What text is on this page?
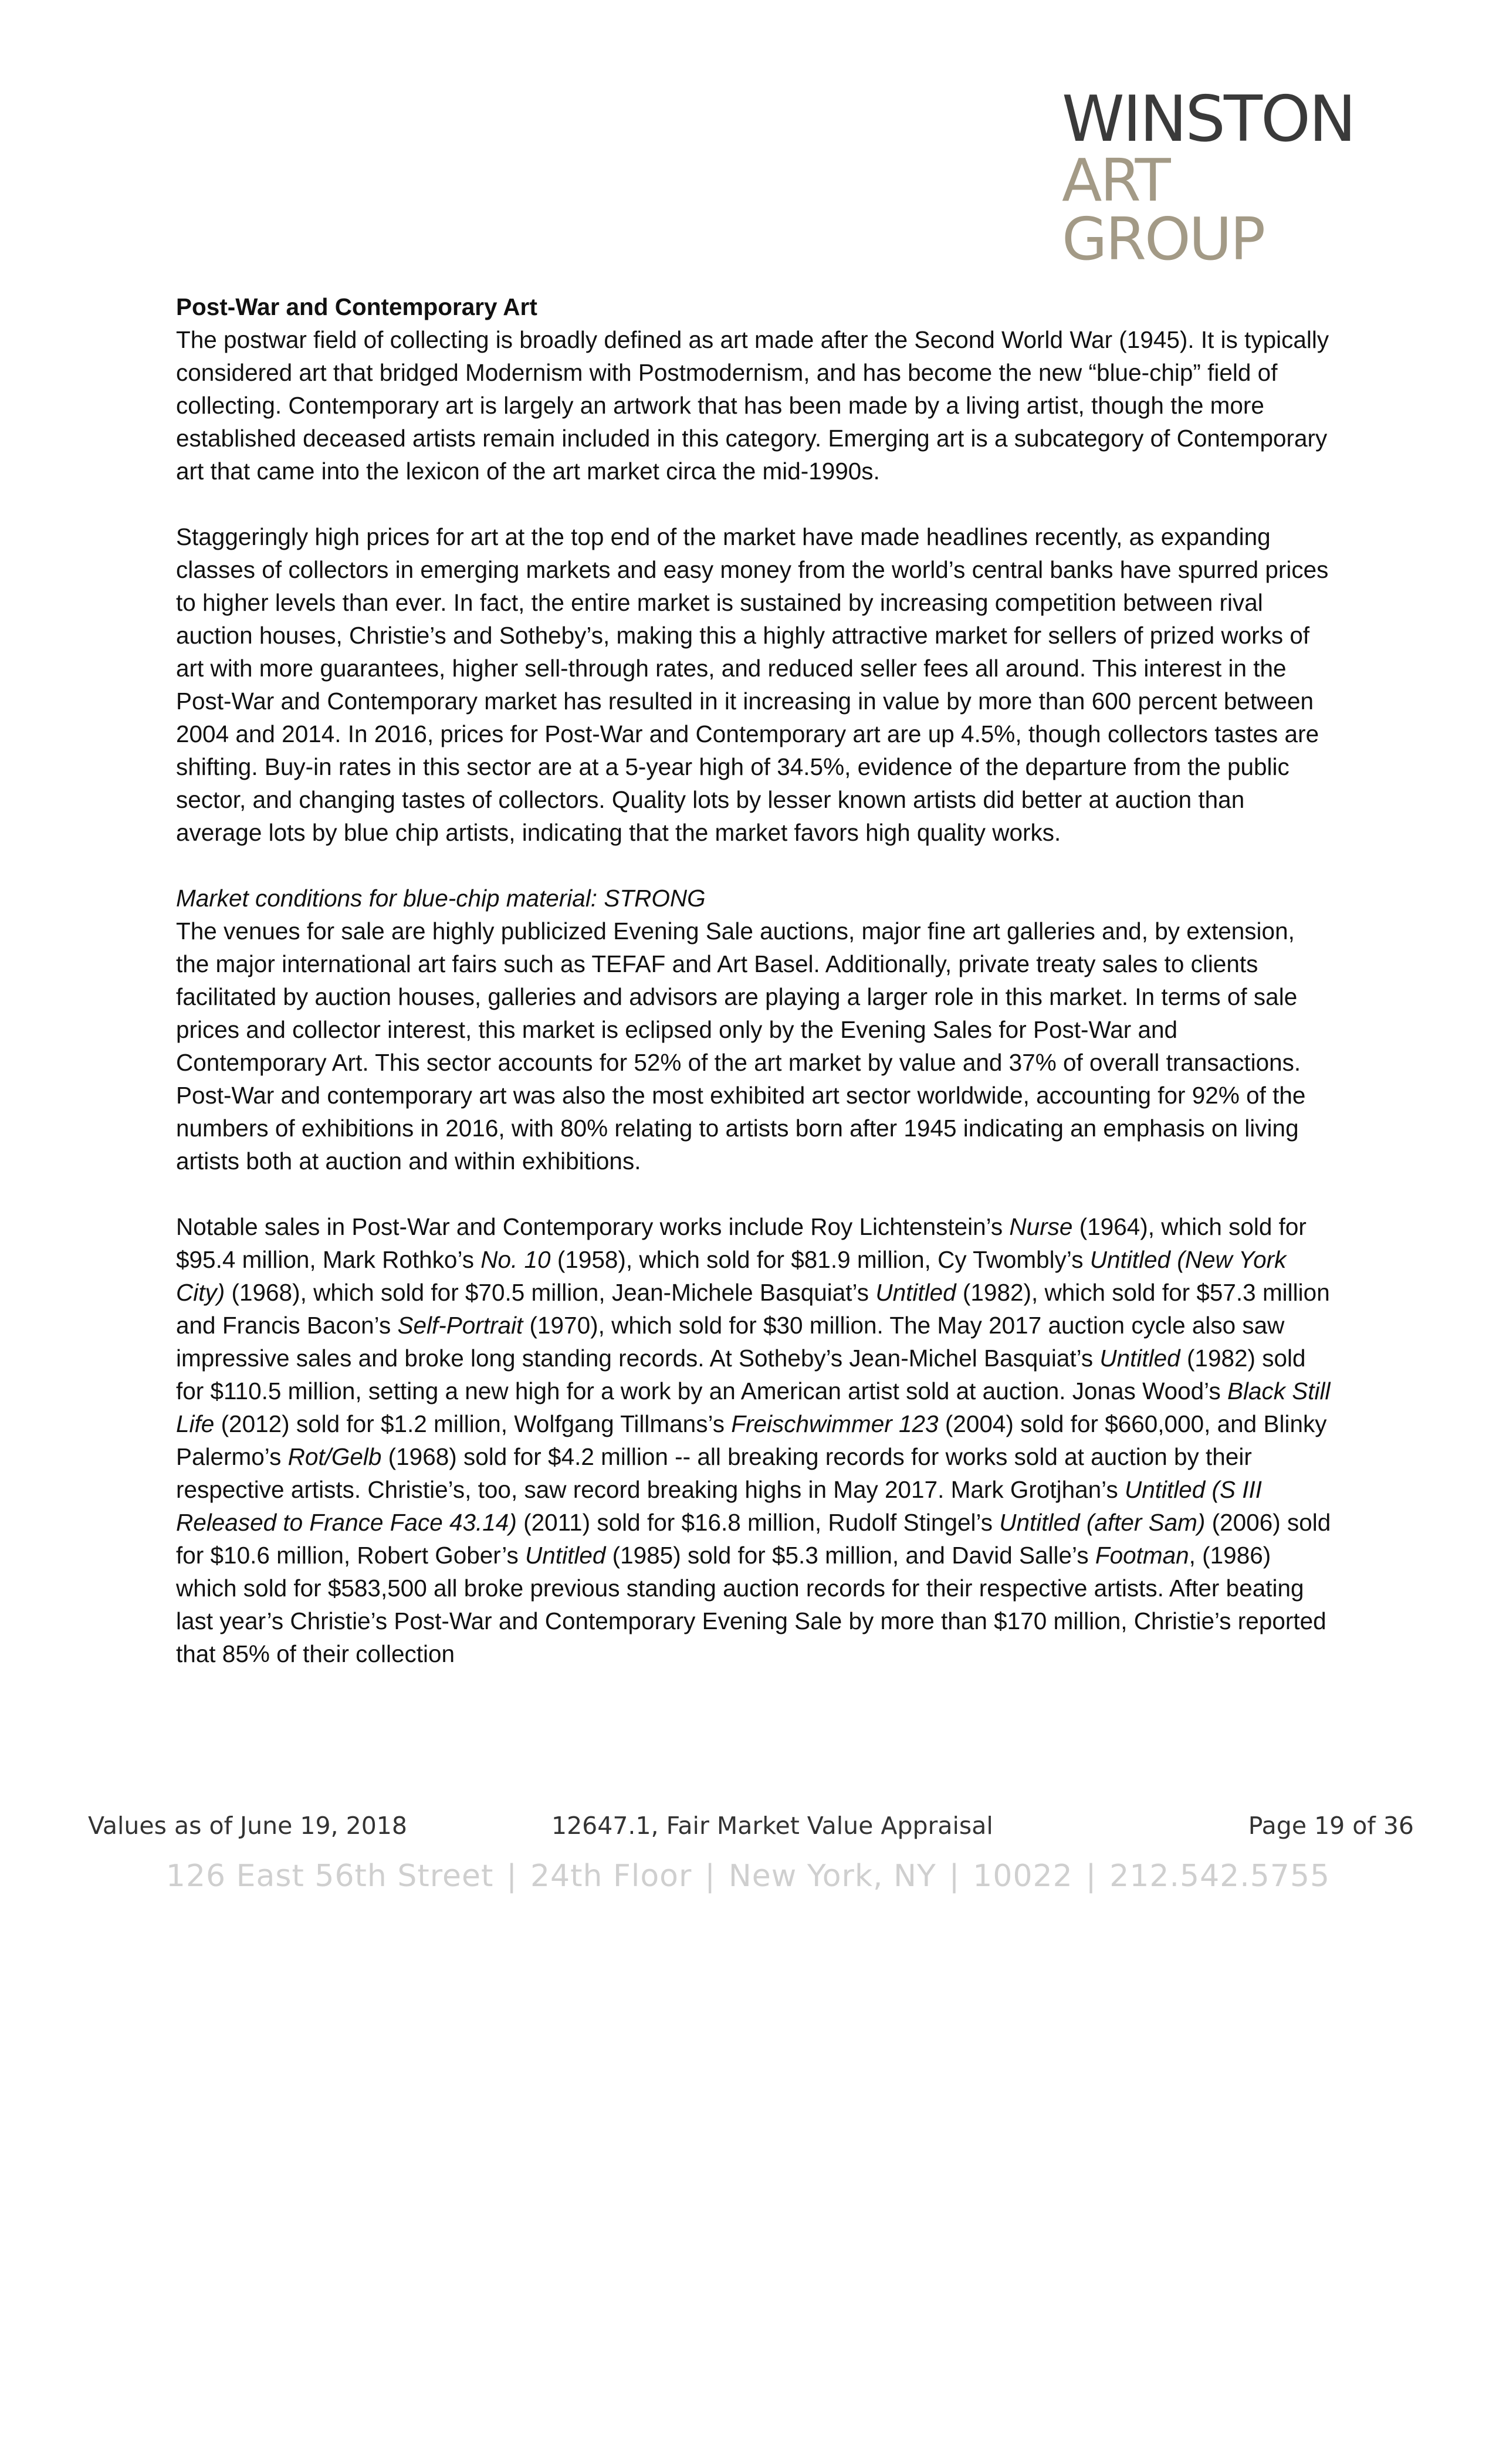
WINSTON
ART GROUP

Post-War and Contemporary Art

The postwar field of collecting is broadly defined as art made after the Second World War (1945). It is typically considered art that bridged Modernism with Postmodernism, and has become the new “blue-chip” field of collecting. Contemporary art is largely an artwork that has been made by a living artist, though the more established deceased artists remain included in this category. Emerging art is a subcategory of Contemporary art that came into the lexicon of the art market circa the mid-1990s.

Staggeringly high prices for art at the top end of the market have made headlines recently, as expanding classes of collectors in emerging markets and easy money from the world’s central banks have spurred prices to higher levels than ever. In fact, the entire market is sustained by increasing competition between rival auction houses, Christie’s and Sotheby’s, making this a highly attractive market for sellers of prized works of art with more guarantees, higher sell-through rates, and reduced seller fees all around. This interest in the Post-War and Contemporary market has resulted in it increasing in value by more than 600 percent between 2004 and 2014. In 2016, prices for Post-War and Contemporary art are up 4.5%, though collectors tastes are shifting. Buy-in rates in this sector are at a 5-year high of 34.5%, evidence of the departure from the public sector, and changing tastes of collectors. Quality lots by lesser known artists did better at auction than average lots by blue chip artists, indicating that the market favors high quality works.

Market conditions for blue-chip material: STRONG

The venues for sale are highly publicized Evening Sale auctions, major fine art galleries and, by extension, the major international art fairs such as TEFAF and Art Basel. Additionally, private treaty sales to clients facilitated by auction houses, galleries and advisors are playing a larger role in this market. In terms of sale prices and collector interest, this market is eclipsed only by the Evening Sales for Post-War and Contemporary Art. This sector accounts for 52% of the art market by value and 37% of overall transactions. Post-War and contemporary art was also the most exhibited art sector worldwide, accounting for 92% of the numbers of exhibitions in 2016, with 80% relating to artists born after 1945 indicating an emphasis on living artists both at auction and within exhibitions.

Notable sales in Post-War and Contemporary works include Roy Lichtenstein’s Nurse (1964), which sold for $95.4 million, Mark Rothko’s No. 10 (1958), which sold for $81.9 million, Cy Twombly’s Untitled (New York City) (1968), which sold for $70.5 million, Jean-Michele Basquiat’s Untitled (1982), which sold for $57.3 million and Francis Bacon’s Self-Portrait (1970), which sold for $30 million. The May 2017 auction cycle also saw impressive sales and broke long standing records. At Sotheby’s Jean-Michel Basquiat’s Untitled (1982) sold for $110.5 million, setting a new high for a work by an American artist sold at auction. Jonas Wood’s Black Still Life (2012) sold for $1.2 million, Wolfgang Tillmans’s Freischwimmer 123 (2004) sold for $660,000, and Blinky Palermo’s Rot/Gelb (1968) sold for $4.2 million -- all breaking records for works sold at auction by their respective artists. Christie’s, too, saw record breaking highs in May 2017. Mark Grotjhan’s Untitled (S III Released to France Face 43.14) (2011) sold for $16.8 million, Rudolf Stingel’s Untitled (after Sam) (2006) sold for $10.6 million, Robert Gober’s Untitled (1985) sold for $5.3 million, and David Salle’s Footman, (1986) which sold for $583,500 all broke previous standing auction records for their respective artists. After beating last year’s Christie’s Post-War and Contemporary Evening Sale by more than $170 million, Christie’s reported that 85% of their collection

Values as of June 19, 2018	12647.1, Fair Market Value Appraisal	Page 19 of 36
126 East 56th Street | 24th Floor | New York, NY | 10022 | 212.542.5755
